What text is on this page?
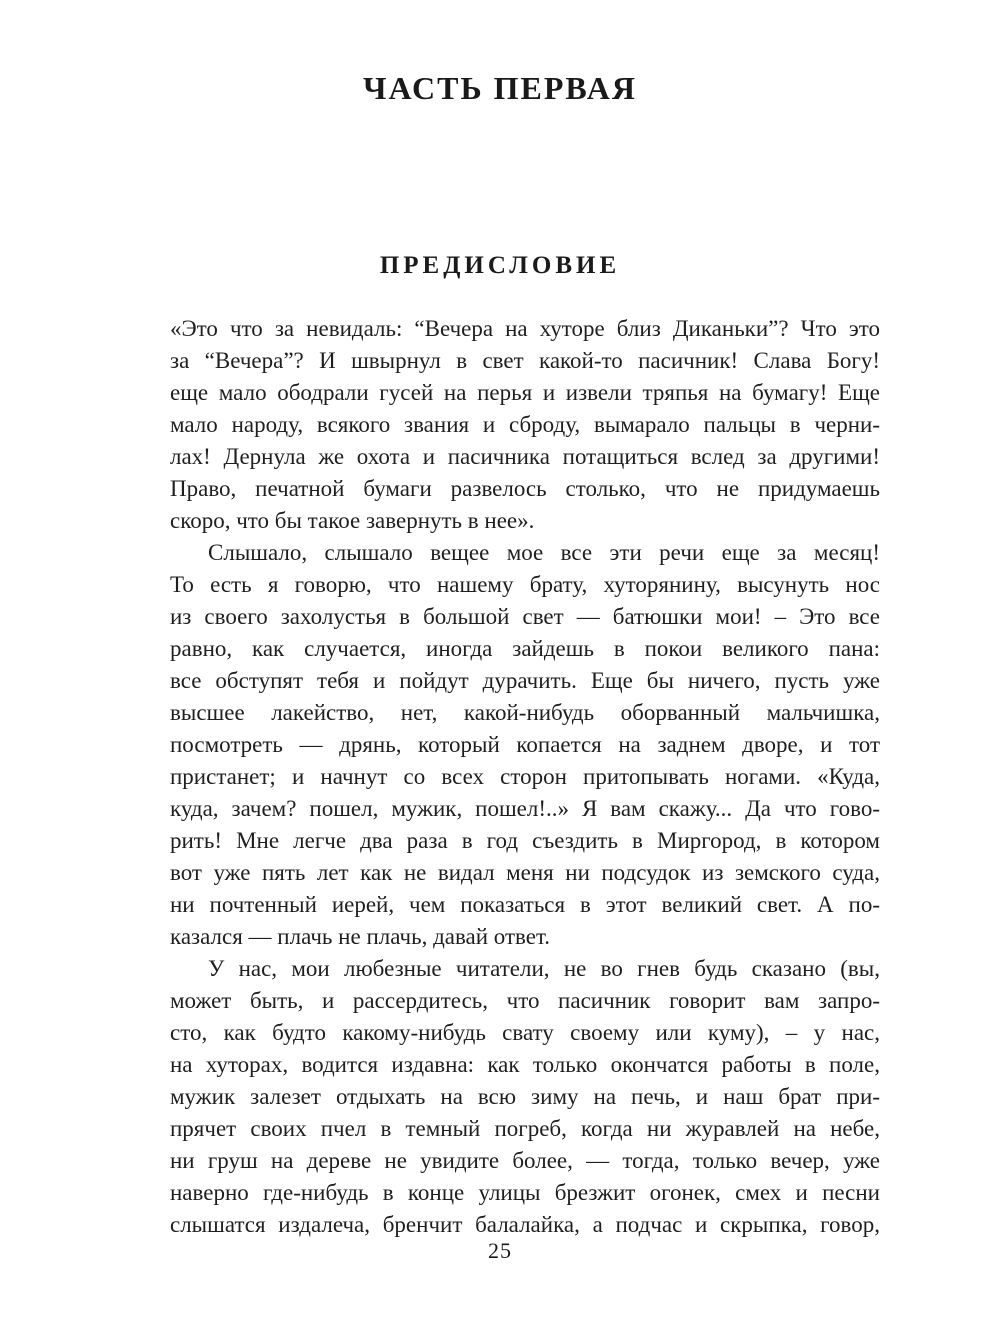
ЧАСТЬ ПЕРВАЯ
ПРЕДИСЛОВИЕ
«Это что за невидаль: “Вечера на хуторе близ Диканьки”? Что это
за “Вечера”? И швырнул в свет какой-то пасичник! Слава Богу!
еще мало ободрали гусей на перья и извели тряпья на бумагу! Еще
мало народу, всякого звания и сброду, вымарало пальцы в черни-
лах! Дернула же охота и пасичника потащиться вслед за другими!
Право, печатной бумаги развелось столько, что не придумаешь
скоро, что бы такое завернуть в нее».
Слышало, слышало вещее мое все эти речи еще за месяц!
То есть я говорю, что нашему брату, хуторянину, высунуть нос
из своего захолустья в большой свет — батюшки мои! – Это все
равно, как случается, иногда зайдешь в покои великого пана:
все обступят тебя и пойдут дурачить. Еще бы ничего, пусть уже
высшее лакейство, нет, какой-нибудь оборванный мальчишка,
посмотреть — дрянь, который копается на заднем дворе, и тот
пристанет; и начнут со всех сторон притопывать ногами. «Куда,
куда, зачем? пошел, мужик, пошел!..» Я вам скажу... Да что гово-
рить! Мне легче два раза в год съездить в Миргород, в котором
вот уже пять лет как не видал меня ни подсудок из земского суда,
ни почтенный иерей, чем показаться в этот великий свет. А по-
казался — плачь не плачь, давай ответ.
У нас, мои любезные читатели, не во гнев будь сказано (вы,
может быть, и рассердитесь, что пасичник говорит вам запро-
сто, как будто какому-нибудь свату своему или куму), – у нас,
на хуторах, водится издавна: как только окончатся работы в поле,
мужик залезет отдыхать на всю зиму на печь, и наш брат при-
прячет своих пчел в темный погреб, когда ни журавлей на небе,
ни груш на дереве не увидите более, — тогда, только вечер, уже
наверно где-нибудь в конце улицы брезжит огонек, смех и песни
слышатся издалеча, бренчит балалайка, а подчас и скрыпка, говор,
25
